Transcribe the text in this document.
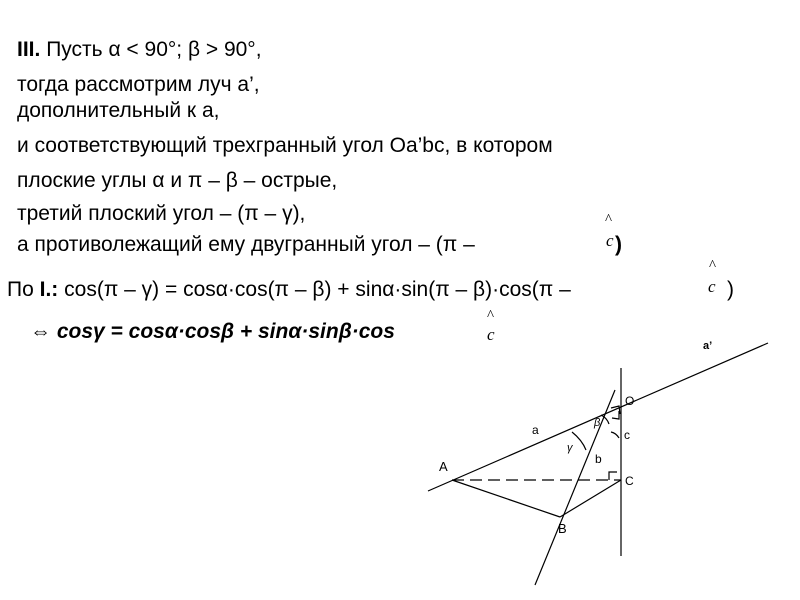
III. Пусть α < 90°; β > 90°,
тогда рассмотрим луч а’,
дополнительный к а,
и соответствующий трехгранный угол Oa’bc, в котором
плоские углы α и π – β – острые,
третий плоский угол – (π – γ),
а противолежащий ему двугранный угол – (π –
^
c )
По I.: cos(π – γ) = cosα·cos(π – β) + sinα·sin(π – β)·cos(π –
^
c )
⇔ cosγ = cosα·cosβ + sinα·sinβ·cos
^
c
a’
O
a	β
γ
c
b
A
C
B
